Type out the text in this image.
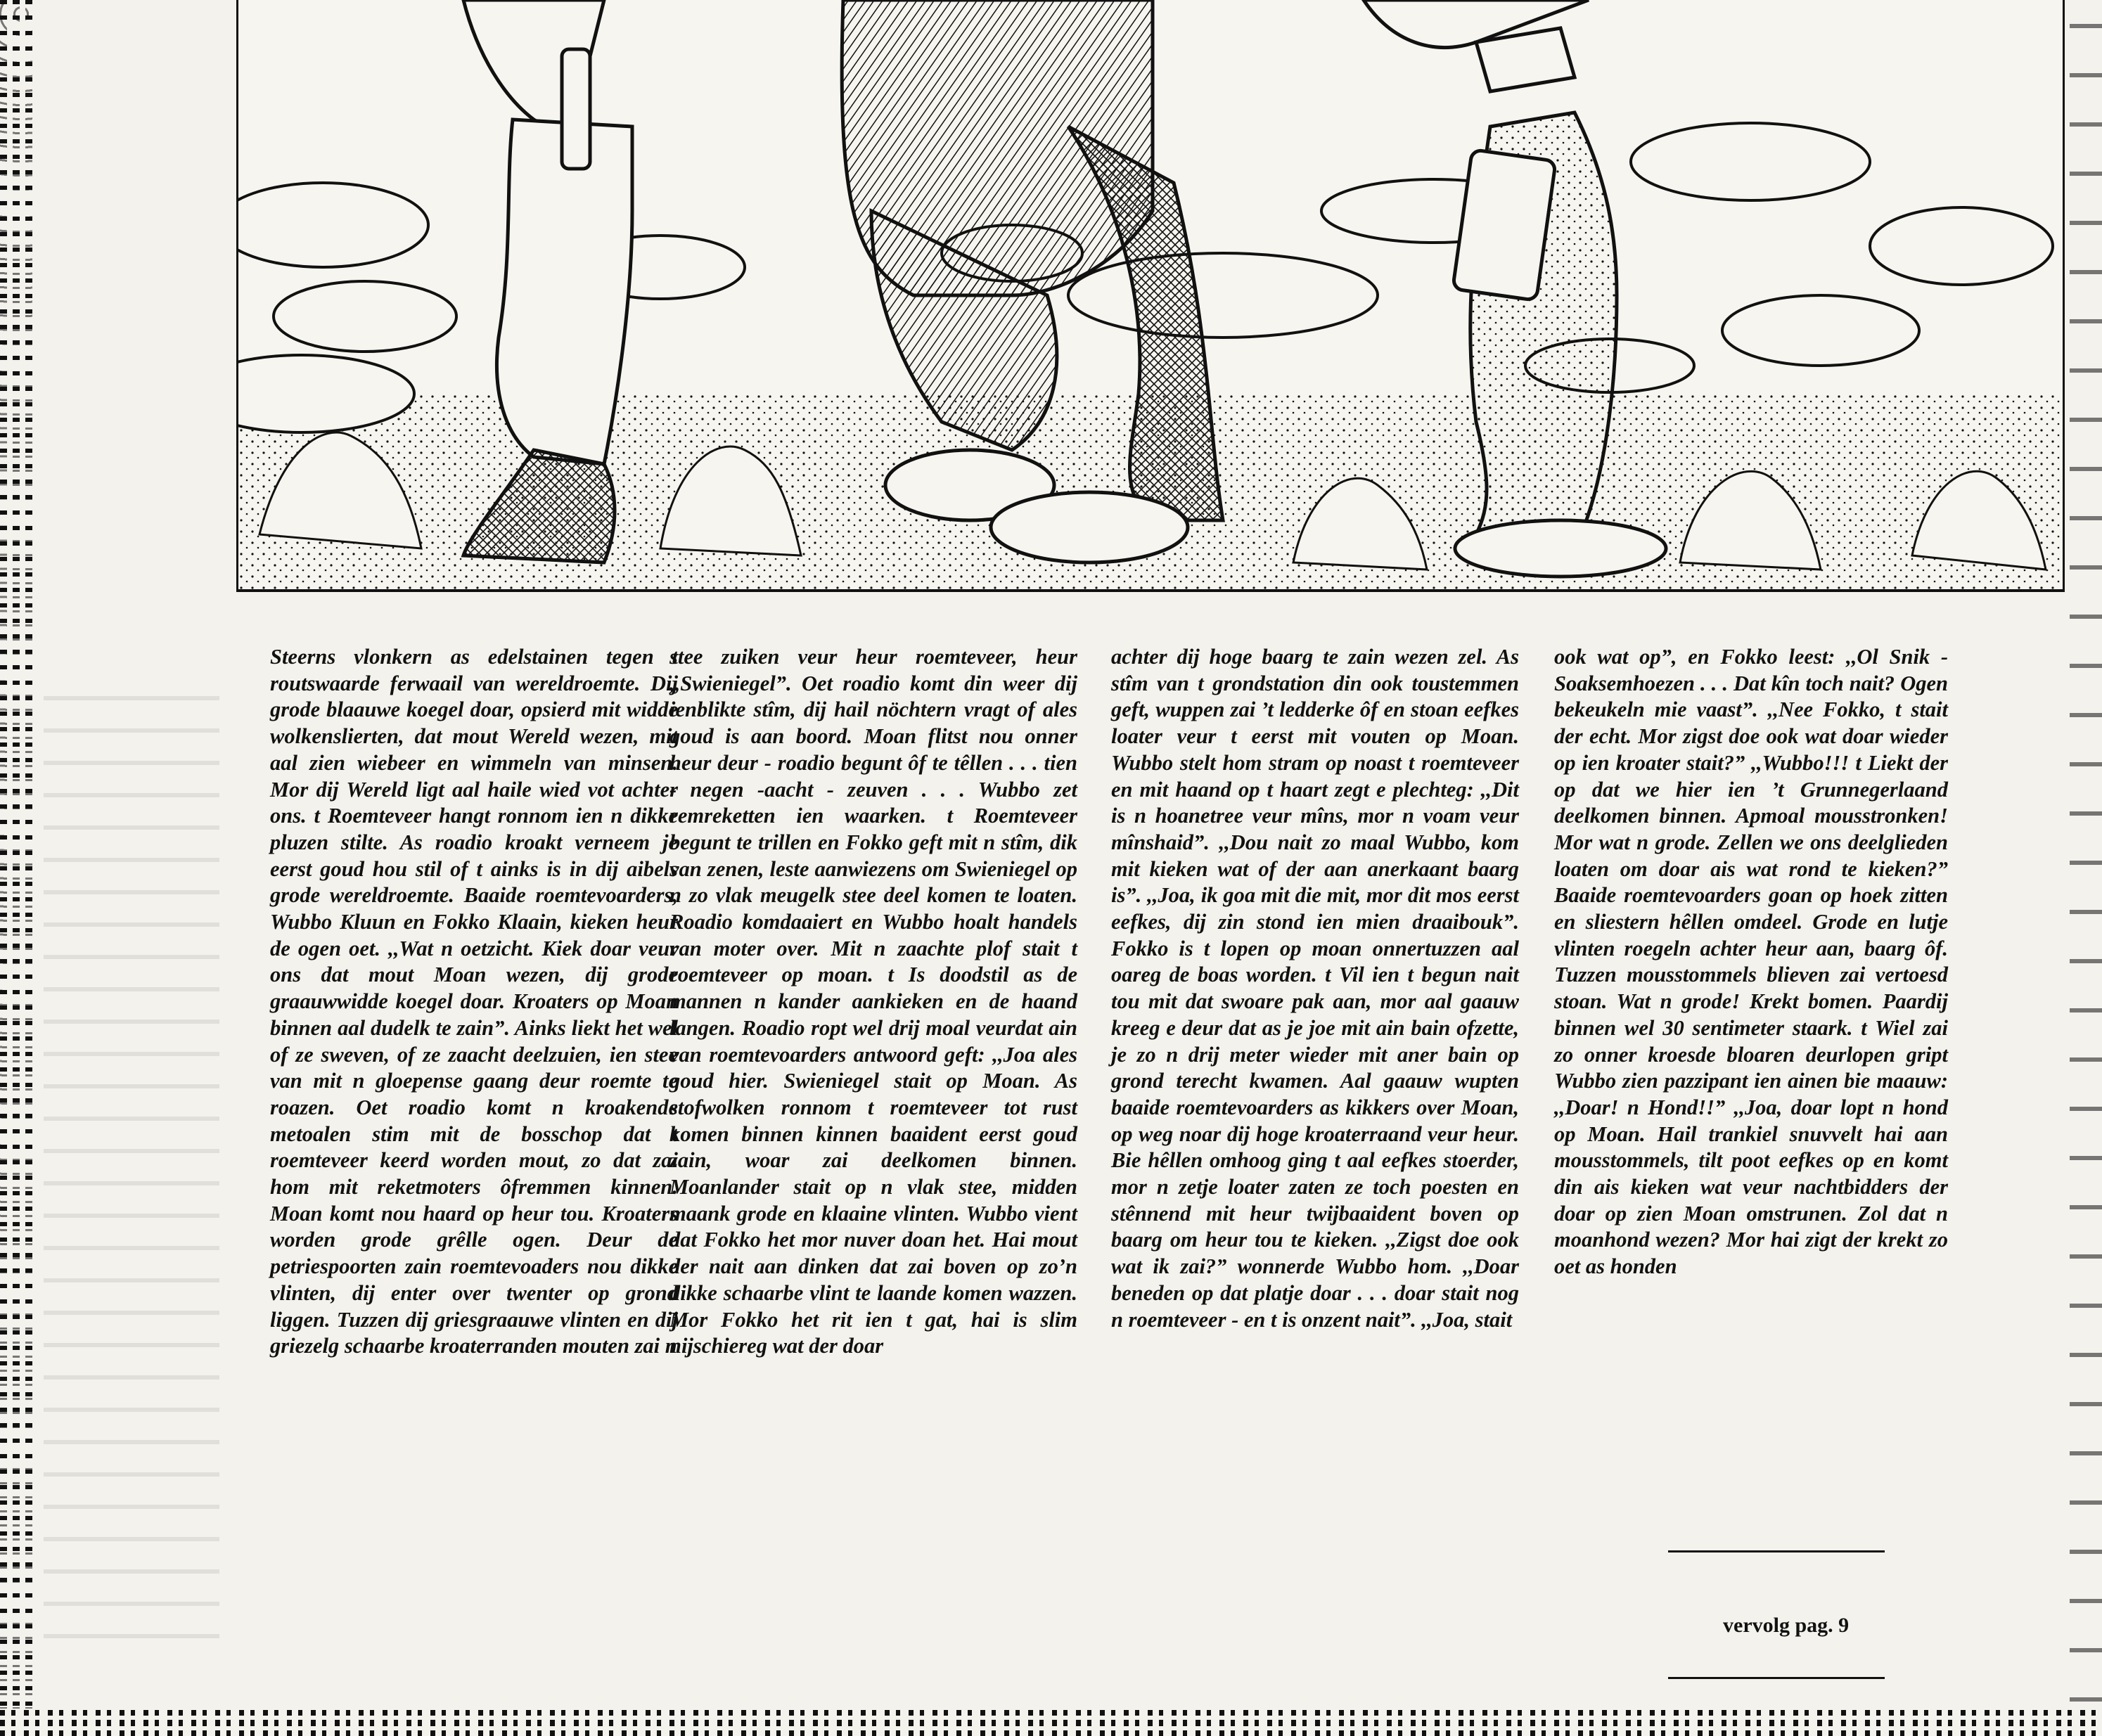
Steerns vlonkern as edelstainen tegen t routswaarde ferwaail van wereldroemte. Dij grode blaauwe koegel doar, opsierd mit widde wolkenslierten, dat mout Wereld wezen, mit aal zien wiebeer en wimmeln van minsen. Mor dij Wereld ligt aal haile wied vot achter ons. t Roemteveer hangt ronnom ien n dikke pluzen stilte. As roadio kroakt verneem je eerst goud hou stil of t ainks is in dij aibels grode wereldroemte. Baaide roemtevoarders, Wubbo Kluun en Fokko Klaain, kieken heur de ogen oet. ,,Wat n oetzicht. Kiek doar veur ons dat mout Moan wezen, dij grode graauwwidde koegel doar. Kroaters op Moan binnen aal dudelk te zain”. Ainks liekt het wel of ze sweven, of ze zaacht deelzuien, ien stee van mit n gloepense gaang deur roemte te roazen. Oet roadio komt n kroakende metoalen stim mit de bosschop dat t roemteveer keerd worden mout, zo dat zai hom mit reketmoters ôfremmen kinnen. Moan komt nou haard op heur tou. Kroaters worden grode grêlle ogen. Deur de petriespoorten zain roemtevoaders nou dikke vlinten, dij enter over twenter op grond liggen. Tuzzen dij griesgraauwe vlinten en dij griezelg schaarbe kroaterranden mouten zai n

stee zuiken veur heur roemteveer, heur ,,Swieniegel”. Oet roadio komt din weer dij ienblikte stîm, dij hail nöchtern vragt of ales goud is aan boord. Moan flitst nou onner heur deur - roadio begunt ôf te têllen . . . tien - negen -aacht - zeuven . . . Wubbo zet remreketten ien waarken. t Roemteveer begunt te trillen en Fokko geft mit n stîm, dik van zenen, leste aanwiezens om Swieniegel op n zo vlak meugelk stee deel komen te loaten. Roadio komdaaiert en Wubbo hoalt handels van moter over. Mit n zaachte plof stait t roemteveer op moan. t Is doodstil as de mannen n kander aankieken en de haand langen. Roadio ropt wel drij moal veurdat ain van roemtevoarders antwoord geft: ,,Joa ales goud hier. Swieniegel stait op Moan. As stofwolken ronnom t roemteveer tot rust komen binnen kinnen baaident eerst goud zain, woar zai deelkomen binnen. Moanlander stait op n vlak stee, midden maank grode en klaaine vlinten. Wubbo vient dat Fokko het mor nuver doan het. Hai mout der nait aan dinken dat zai boven op zo’n dikke schaarbe vlint te laande komen wazzen. Mor Fokko het rit ien t gat, hai is slim nijschiereg wat der doar

achter dij hoge baarg te zain wezen zel. As stîm van t grondstation din ook toustemmen geft, wuppen zai ’t ledderke ôf en stoan eefkes loater veur t eerst mit vouten op Moan. Wubbo stelt hom stram op noast t roemteveer en mit haand op t haart zegt e plechteg: ,,Dit is n hoanetree veur mîns, mor n voam veur mînshaid”. ,,Dou nait zo maal Wubbo, kom mit kieken wat of der aan anerkaant baarg is”. ,,Joa, ik goa mit die mit, mor dit mos eerst eefkes, dij zin stond ien mien draaibouk”. Fokko is t lopen op moan onnertuzzen aal oareg de boas worden. t Vil ien t begun nait tou mit dat swoare pak aan, mor aal gaauw kreeg e deur dat as je joe mit ain bain ofzette, je zo n drij meter wieder mit aner bain op grond terecht kwamen. Aal gaauw wupten baaide roemtevoarders as kikkers over Moan, op weg noar dij hoge kroaterraand veur heur. Bie hêllen omhoog ging t aal eefkes stoerder, mor n zetje loater zaten ze toch poesten en stênnend mit heur twijbaaident boven op baarg om heur tou te kieken. ,,Zigst doe ook wat ik zai?” wonnerde Wubbo hom. ,,Doar beneden op dat platje doar . . . doar stait nog n roemteveer - en t is onzent nait”. ,,Joa, stait

ook wat op”, en Fokko leest: ,,Ol Snik - Soaksemhoezen . . . Dat kîn toch nait? Ogen bekeukeln mie vaast”. ,,Nee Fokko, t stait der echt. Mor zigst doe ook wat doar wieder op ien kroater stait?” ,,Wubbo!!! t Liekt der op dat we hier ien ’t Grunnegerlaand deelkomen binnen. Apmoal mousstronken! Mor wat n grode. Zellen we ons deelglieden loaten om doar ais wat rond te kieken?” Baaide roemtevoarders goan op hoek zitten en sliestern hêllen omdeel. Grode en lutje vlinten roegeln achter heur aan, baarg ôf. Tuzzen mousstommels blieven zai vertoesd stoan. Wat n grode! Krekt bomen. Paardij binnen wel 30 sentimeter staark. t Wiel zai zo onner kroesde bloaren deurlopen gript Wubbo zien pazzipant ien ainen bie maauw: ,,Doar! n Hond!!” ,,Joa, doar lopt n hond op Moan. Hail trankiel snuvvelt hai aan mousstommels, tilt poot eefkes op en komt din ais kieken wat veur nachtbidders der doar op zien Moan omstrunen. Zol dat n moanhond wezen? Mor hai zigt der krekt zo oet as honden

vervolg pag. 9
